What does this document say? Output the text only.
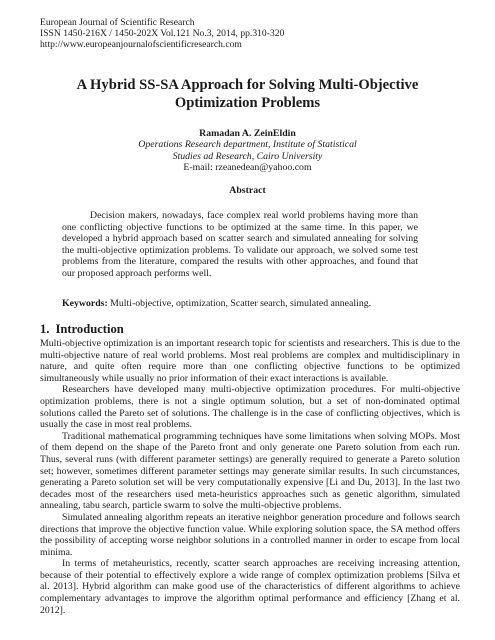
European Journal of Scientific Research
ISSN 1450-216X / 1450-202X Vol.121 No.3, 2014, pp.310-320
http://www.europeanjournalofscientificresearch.com
A Hybrid SS-SA Approach for Solving Multi-Objective
Optimization Problems
Ramadan A. ZeinEldin
Operations Research department, Institute of Statistical
Studies ad Research, Cairo University
E-mail: rzeanedean@yahoo.com
Abstract
Decision makers, nowadays, face complex real world problems having more than one conflicting objective functions to be optimized at the same time. In this paper, we developed a hybrid approach based on scatter search and simulated annealing for solving the multi-objective optimization problems. To validate our approach, we solved some test problems from the literature, compared the results with other approaches, and found that our proposed approach performs well.
Keywords: Multi-objective, optimization, Scatter search, simulated annealing.
1. Introduction

Multi-objective optimization is an important research topic for scientists and researchers. This is due to the multi-objective nature of real world problems. Most real problems are complex and multidisciplinary in nature, and quite often require more than one conflicting objective functions to be optimized simultaneously while usually no prior information of their exact interactions is available.

Researchers have developed many multi-objective optimization procedures. For multi-objective optimization problems, there is not a single optimum solution, but a set of non-dominated optimal solutions called the Pareto set of solutions. The challenge is in the case of conflicting objectives, which is usually the case in most real problems.

Traditional mathematical programming techniques have some limitations when solving MOPs. Most of them depend on the shape of the Pareto front and only generate one Pareto solution from each run. Thus, several runs (with different parameter settings) are generally required to generate a Pareto solution set; however, sometimes different parameter settings may generate similar results. In such circumstances, generating a Pareto solution set will be very computationally expensive [Li and Du, 2013]. In the last two decades most of the researchers used meta-heuristics approaches such as genetic algorithm, simulated annealing, tabu search, particle swarm to solve the multi-objective problems.

Simulated annealing algorithm repeats an iterative neighbor generation procedure and follows search directions that improve the objective function value. While exploring solution space, the SA method offers the possibility of accepting worse neighbor solutions in a controlled manner in order to escape from local minima.

In terms of metaheuristics, recently, scatter search approaches are receiving increasing attention, because of their potential to effectively explore a wide range of complex optimization problems [Silva et al. 2013]. Hybrid algorithm can make good use of the characteristics of different algorithms to achieve complementary advantages to improve the algorithm optimal performance and efficiency [Zhang et al. 2012].
